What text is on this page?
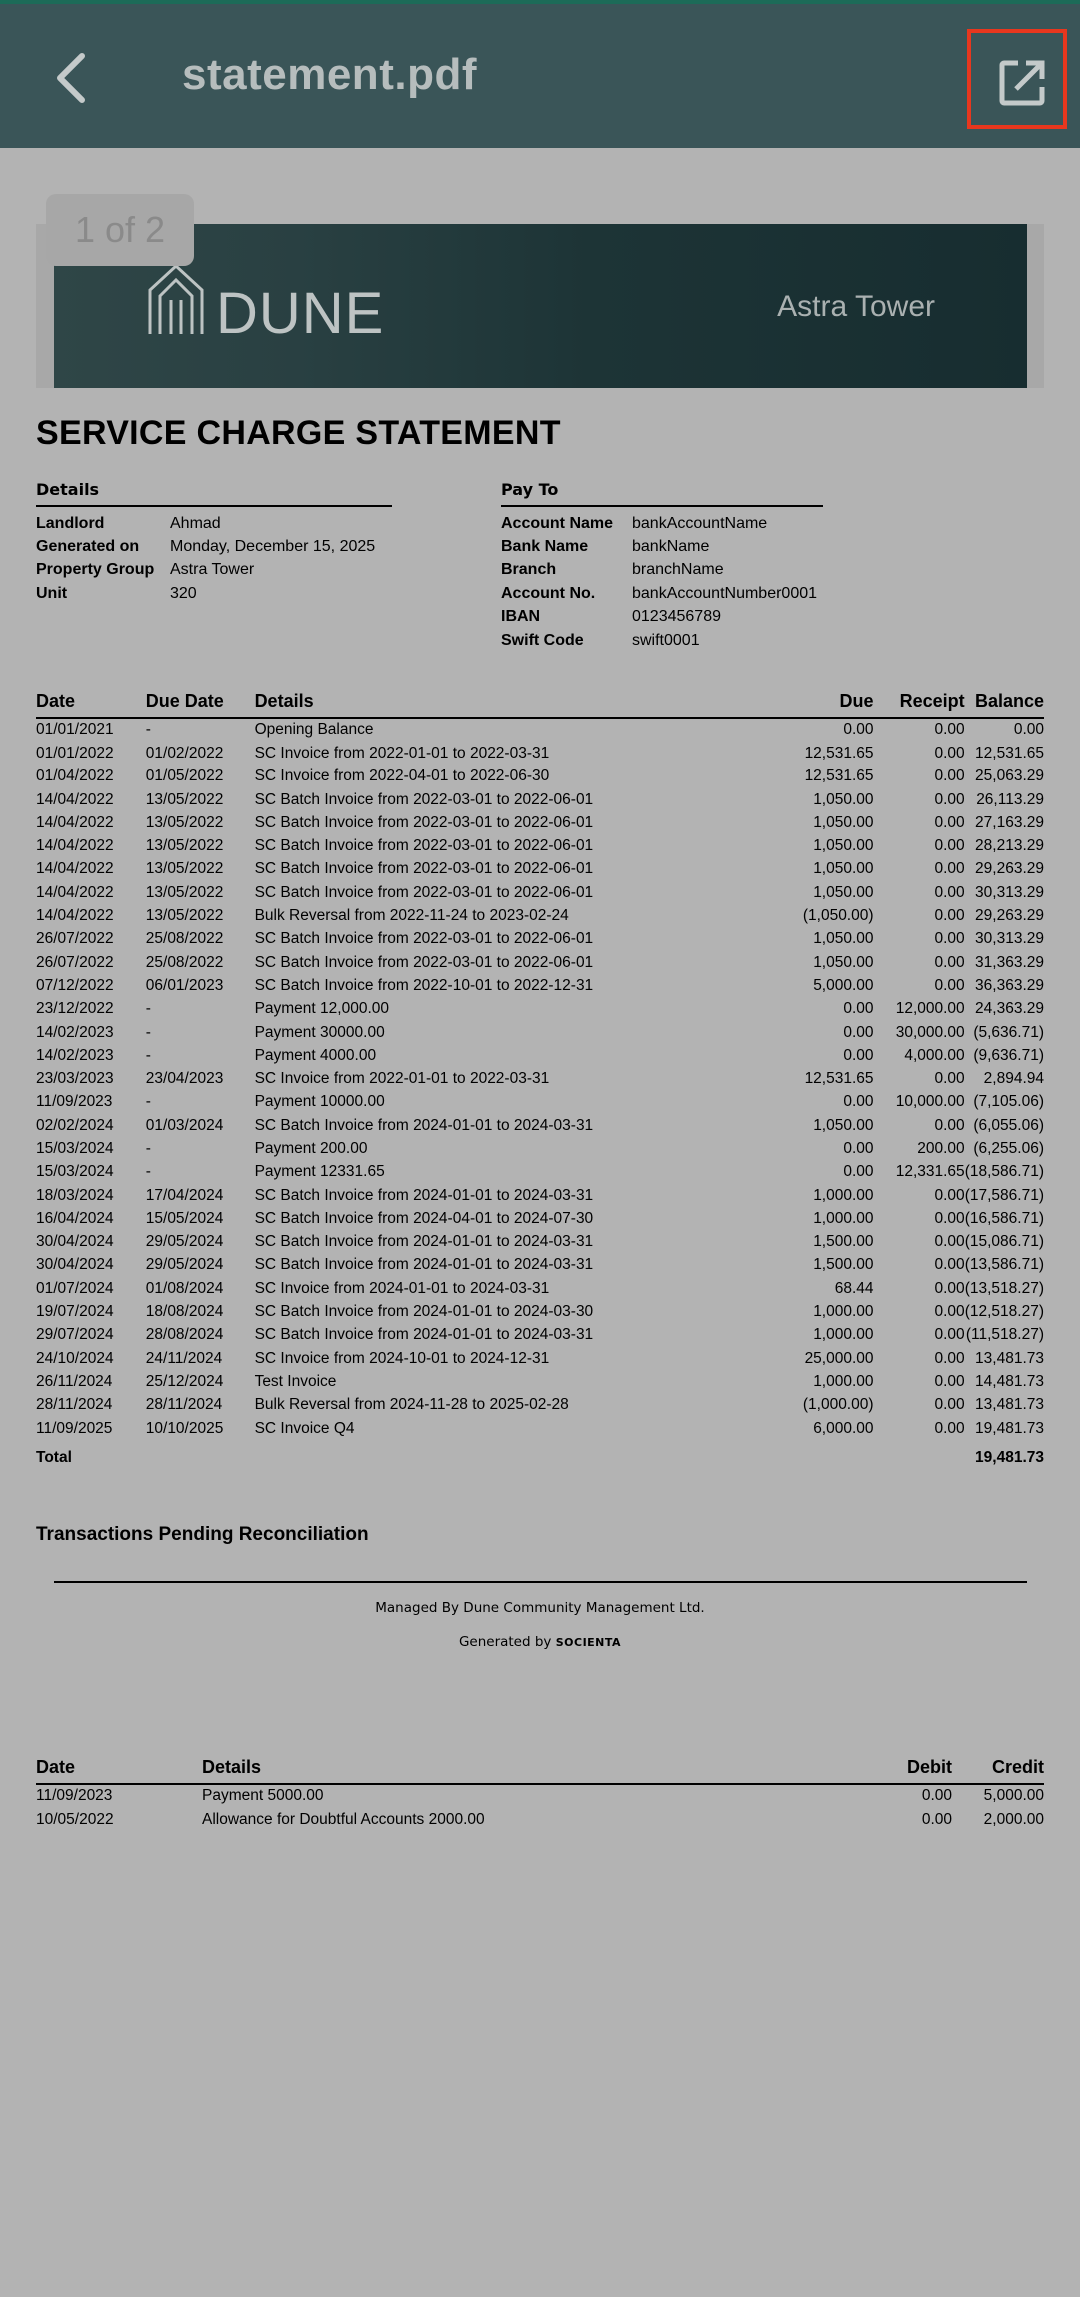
statement.pdf
DUNE	Astra Tower
1 of 2
SERVICE CHARGE STATEMENT
Details
Landlord	Ahmad
Generated on	Monday, December 15, 2025
Property Group Astra Tower
Unit	320
Pay To
Account Name	bankAccountName
Bank Name	bankName
Branch	branchName
Account No.	bankAccountNumber0001
IBAN	0123456789
Swift Code	swift0001
Date	Due Date	Details	Due	Receipt	Balance
01/01/2021	-	Opening Balance	0.00	0.00	0.00
01/01/2022	01/02/2022	SC Invoice from 2022-01-01 to 2022-03-31	12,531.65	0.00	12,531.65
01/04/2022	01/05/2022	SC Invoice from 2022-04-01 to 2022-06-30	12,531.65	0.00	25,063.29
14/04/2022	13/05/2022	SC Batch Invoice from 2022-03-01 to 2022-06-01	1,050.00	0.00	26,113.29
14/04/2022	13/05/2022	SC Batch Invoice from 2022-03-01 to 2022-06-01	1,050.00	0.00	27,163.29
14/04/2022	13/05/2022	SC Batch Invoice from 2022-03-01 to 2022-06-01	1,050.00	0.00	28,213.29
14/04/2022	13/05/2022	SC Batch Invoice from 2022-03-01 to 2022-06-01	1,050.00	0.00	29,263.29
14/04/2022	13/05/2022	SC Batch Invoice from 2022-03-01 to 2022-06-01	1,050.00	0.00	30,313.29
14/04/2022	13/05/2022	Bulk Reversal from 2022-11-24 to 2023-02-24	(1,050.00)	0.00	29,263.29
26/07/2022	25/08/2022	SC Batch Invoice from 2022-03-01 to 2022-06-01	1,050.00	0.00	30,313.29
26/07/2022	25/08/2022	SC Batch Invoice from 2022-03-01 to 2022-06-01	1,050.00	0.00	31,363.29
07/12/2022	06/01/2023	SC Batch Invoice from 2022-10-01 to 2022-12-31	5,000.00	0.00	36,363.29
23/12/2022	-	Payment 12,000.00	0.00	12,000.00	24,363.29
14/02/2023	-	Payment 30000.00	0.00	30,000.00	(5,636.71)
14/02/2023	-	Payment 4000.00	0.00	4,000.00	(9,636.71)
23/03/2023	23/04/2023	SC Invoice from 2022-01-01 to 2022-03-31	12,531.65	0.00	2,894.94
11/09/2023	-	Payment 10000.00	0.00	10,000.00	(7,105.06)
02/02/2024	01/03/2024	SC Batch Invoice from 2024-01-01 to 2024-03-31	1,050.00	0.00	(6,055.06)
15/03/2024	-	Payment 200.00	0.00	200.00	(6,255.06)
15/03/2024	-	Payment 12331.65	0.00	12,331.65	(18,586.71)
18/03/2024	17/04/2024	SC Batch Invoice from 2024-01-01 to 2024-03-31	1,000.00	0.00	(17,586.71)
16/04/2024	15/05/2024	SC Batch Invoice from 2024-04-01 to 2024-07-30	1,000.00	0.00	(16,586.71)
30/04/2024	29/05/2024	SC Batch Invoice from 2024-01-01 to 2024-03-31	1,500.00	0.00	(15,086.71)
30/04/2024	29/05/2024	SC Batch Invoice from 2024-01-01 to 2024-03-31	1,500.00	0.00	(13,586.71)
01/07/2024	01/08/2024	SC Invoice from 2024-01-01 to 2024-03-31	68.44	0.00	(13,518.27)
19/07/2024	18/08/2024	SC Batch Invoice from 2024-01-01 to 2024-03-30	1,000.00	0.00	(12,518.27)
29/07/2024	28/08/2024	SC Batch Invoice from 2024-01-01 to 2024-03-31	1,000.00	0.00	(11,518.27)
24/10/2024	24/11/2024	SC Invoice from 2024-10-01 to 2024-12-31	25,000.00	0.00	13,481.73
26/11/2024	25/12/2024	Test Invoice	1,000.00	0.00	14,481.73
28/11/2024	28/11/2024	Bulk Reversal from 2024-11-28 to 2025-02-28	(1,000.00)	0.00	13,481.73
11/09/2025	10/10/2025	SC Invoice Q4	6,000.00	0.00	19,481.73
Total					19,481.73
Transactions Pending Reconciliation
Managed By Dune Community Management Ltd.
Generated by SOCIENTA
Date	Details	Debit	Credit
11/09/2023	Payment 5000.00	0.00	5,000.00
10/05/2022	Allowance for Doubtful Accounts 2000.00	0.00	2,000.00
